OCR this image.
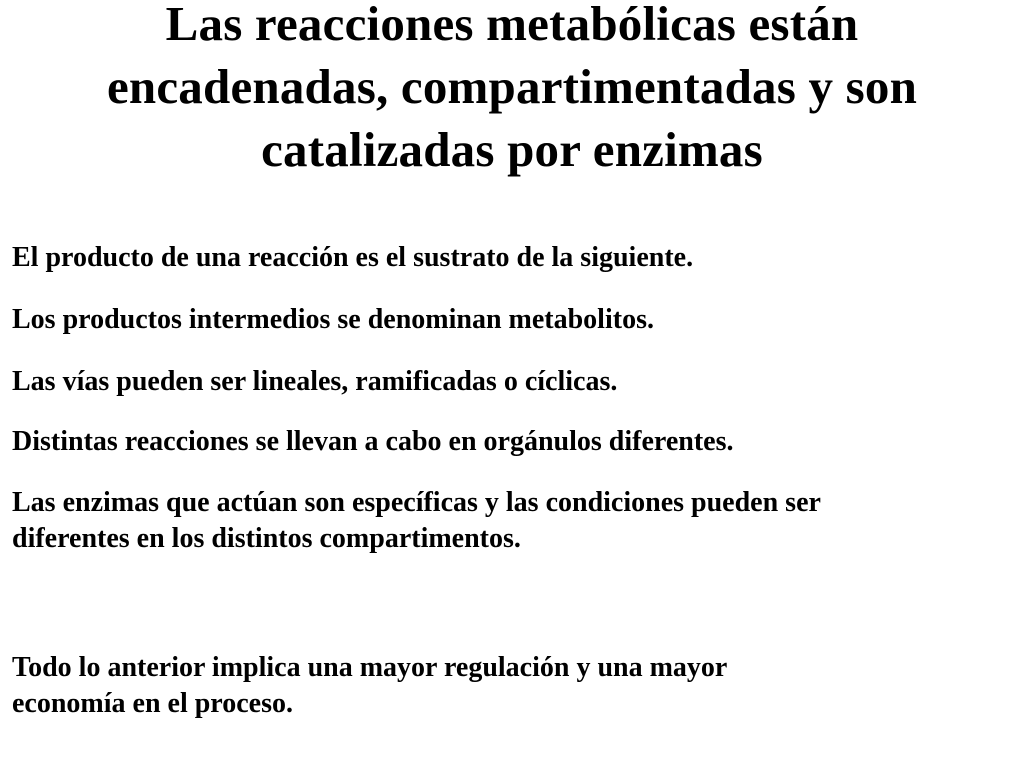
Las reacciones metabólicas están
encadenadas, compartimentadas y son
catalizadas por enzimas

El producto de una reacción es el sustrato de la siguiente.

Los productos intermedios se denominan metabolitos.

Las vías pueden ser lineales, ramificadas o cíclicas.

Distintas reacciones se llevan a cabo en orgánulos diferentes.

Las enzimas que actúan son específicas y las condiciones pueden ser
diferentes en los distintos compartimentos.

Todo lo anterior implica una mayor regulación y una mayor
economía en el proceso.
